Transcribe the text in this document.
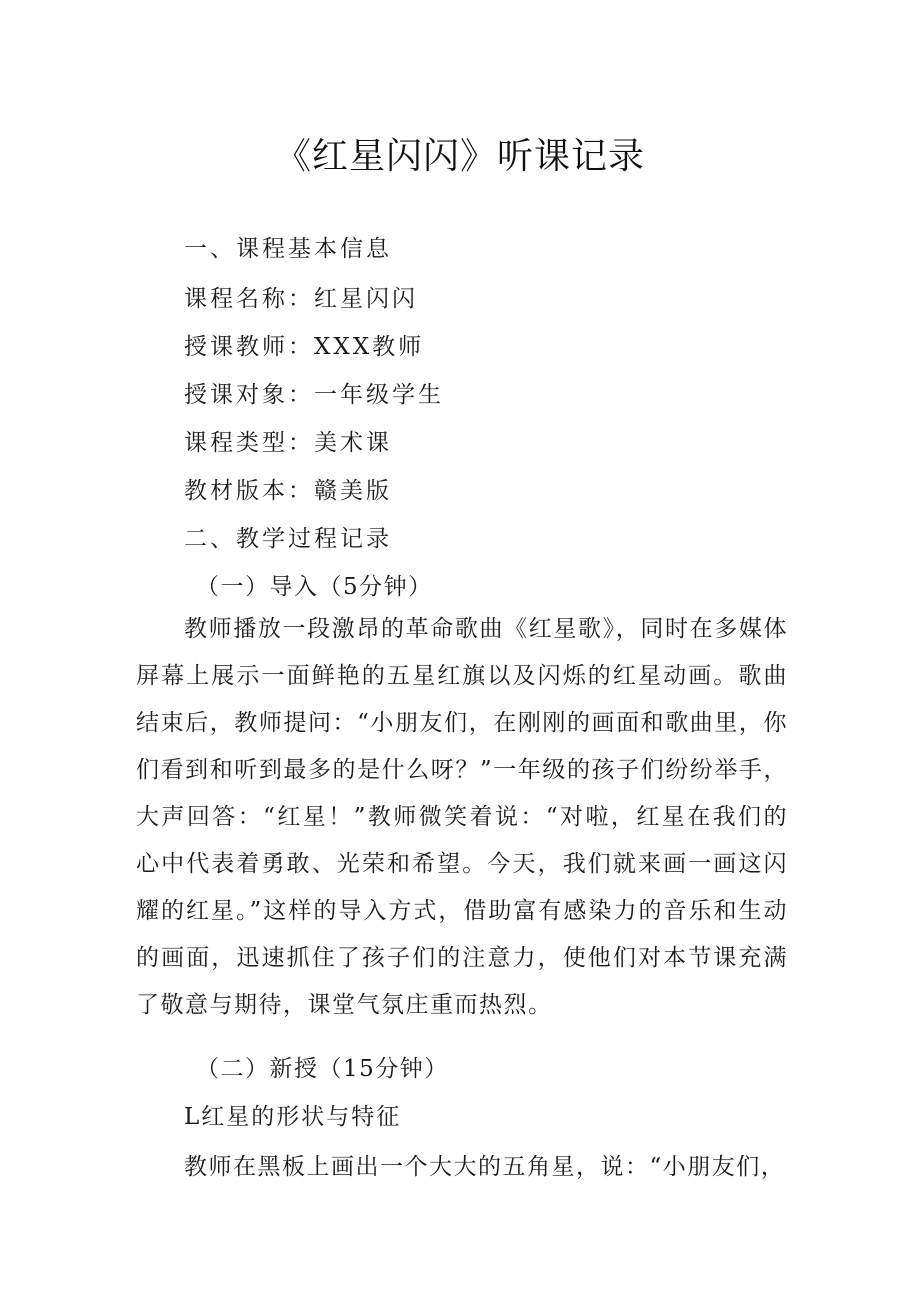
《红星闪闪》听课记录

一、课程基本信息

课程名称：红星闪闪

授课教师：XXX教师

授课对象：一年级学生

课程类型：美术课

教材版本：赣美版

二、教学过程记录

（一）导入（5分钟）

教师播放一段激昂的革命歌曲《红星歌》，同时在多媒体屏幕上展示一面鲜艳的五星红旗以及闪烁的红星动画。歌曲结束后，教师提问：“小朋友们，在刚刚的画面和歌曲里，你们看到和听到最多的是什么呀？”一年级的孩子们纷纷举手，大声回答：“红星！”教师微笑着说：“对啦，红星在我们的心中代表着勇敢、光荣和希望。今天，我们就来画一画这闪耀的红星。”这样的导入方式，借助富有感染力的音乐和生动的画面，迅速抓住了孩子们的注意力，使他们对本节课充满了敬意与期待，课堂气氛庄重而热烈。

（二）新授（15分钟）

L红星的形状与特征

教师在黑板上画出一个大大的五角星，说：“小朋友们，
